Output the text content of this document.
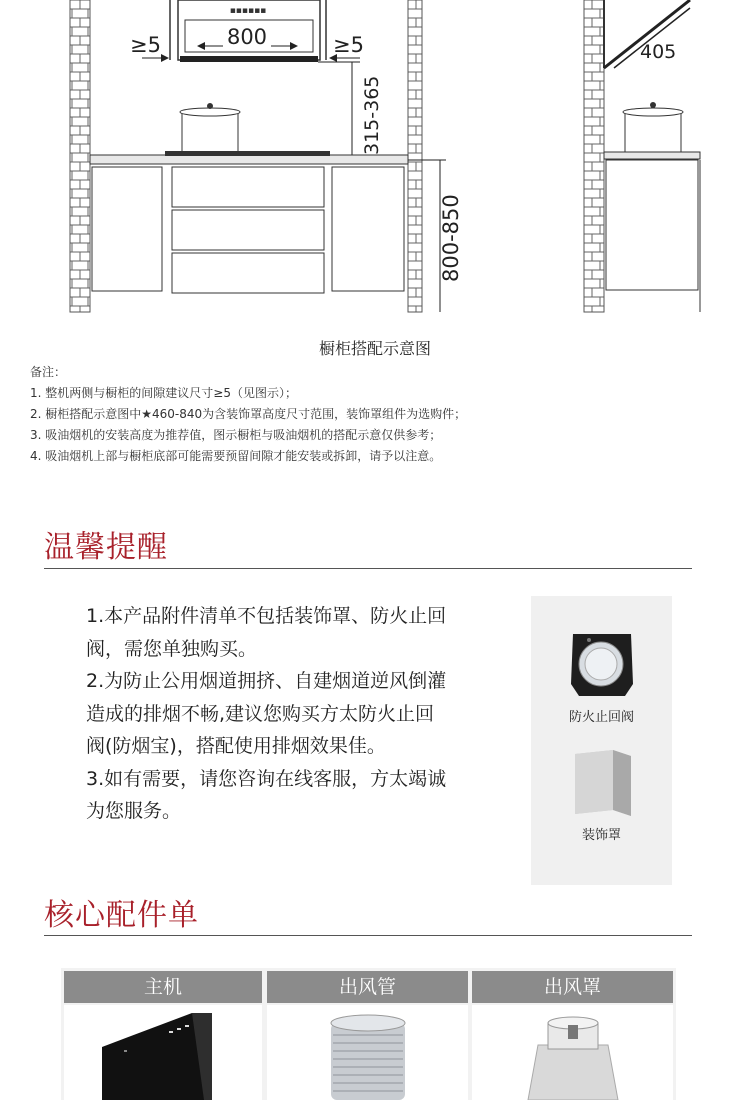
▪▪▪▪▪▪
800
≥5	≥5
315-365
800-850
405
橱柜搭配示意图
备注：
1. 整机两侧与橱柜的间隙建议尺寸≥5（见图示）；
2. 橱柜搭配示意图中★460-840为含装饰罩高度尺寸范围，装饰罩组件为选购件；
3. 吸油烟机的安装高度为推荐值，图示橱柜与吸油烟机的搭配示意仅供参考；
4. 吸油烟机上部与橱柜底部可能需要预留间隙才能安装或拆卸，请予以注意。
温馨提醒

1.本产品附件清单不包括装饰罩、防火止回

阀，需您单独购买。

2.为防止公用烟道拥挤、自建烟道逆风倒灌

造成的排烟不畅,建议您购买方太防火止回

阀(防烟宝)，搭配使用排烟效果佳。

3.如有需要，请您咨询在线客服，方太竭诚

为您服务。

防火止回阀
装饰罩
核心配件单
主机	出风管	出风罩
